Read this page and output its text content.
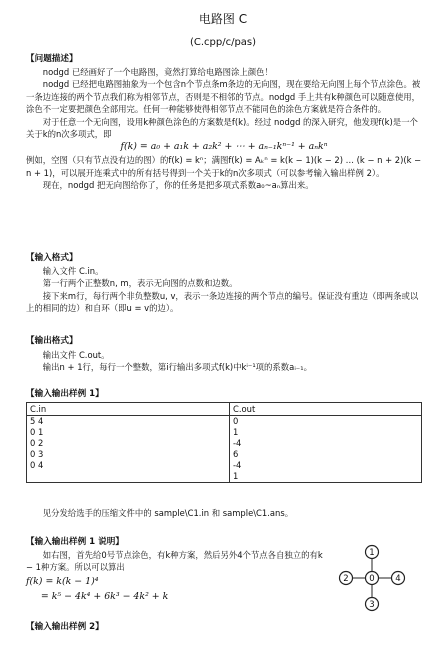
电路图 C
(C.cpp/c/pas)
【问题描述】

nodgd 已经画好了一个电路图，竟然打算给电路图涂上颜色！

nodgd 已经把电路图抽象为一个包含n个节点条m条边的无向图，现在要给无向图上每个节点涂色。被一条边连接的两个节点我们称为相邻节点，否则是不相邻的节点。nodgd 手上共有k种颜色可以随意使用，涂色不一定要把颜色全部用完。任何一种能够使得相邻节点不能同色的涂色方案就是符合条件的。

对于任意一个无向图，设用k种颜色涂色的方案数是f(k)。经过 nodgd 的深入研究，他发现f(k)是一个关于k的n次多项式，即

f(k) = a₀ + a₁k + a₂k² + ⋯ + aₙ₋₁kⁿ⁻¹ + aₙkⁿ

例如，空图（只有节点没有边的图）的f(k) = kⁿ；满图f(k) = Aₖⁿ = k(k − 1)(k − 2) … (k − n + 2)(k − n + 1)，可以展开连乘式中的所有括号得到一个关于k的n次多项式（可以参考输入输出样例 2）。

现在，nodgd 把无向图给你了，你的任务是把多项式系数a₀~aₙ算出来。

【输入格式】

输入文件 C.in。

第一行两个正整数n, m，表示无向图的点数和边数。

接下来m行，每行两个非负整数u, v，表示一条边连接的两个节点的编号。保证没有重边（即两条或以上的相同的边）和自环（即u = v的边）。

【输出格式】

输出文件 C.out。

输出n + 1行，每行一个整数，第i行输出多项式f(k)中kⁱ⁻¹项的系数aᵢ₋₁。

【输入输出样例 1】
C.in	C.out
5 4	0
0 1	1
0 2	-4
0 3	6
0 4	-4
	1

见分发给选手的压缩文件中的 sample\C1.in 和 sample\C1.ans。

【输入输出样例 1 说明】

如右图，首先给0号节点涂色，有k种方案，然后另外4个节点各自独立的有k − 1种方案。所以可以算出

f(k) = k(k − 1)⁴

= k⁵ − 4k⁴ + 6k³ − 4k² + k

0
1
2
3
4
【输入输出样例 2】
